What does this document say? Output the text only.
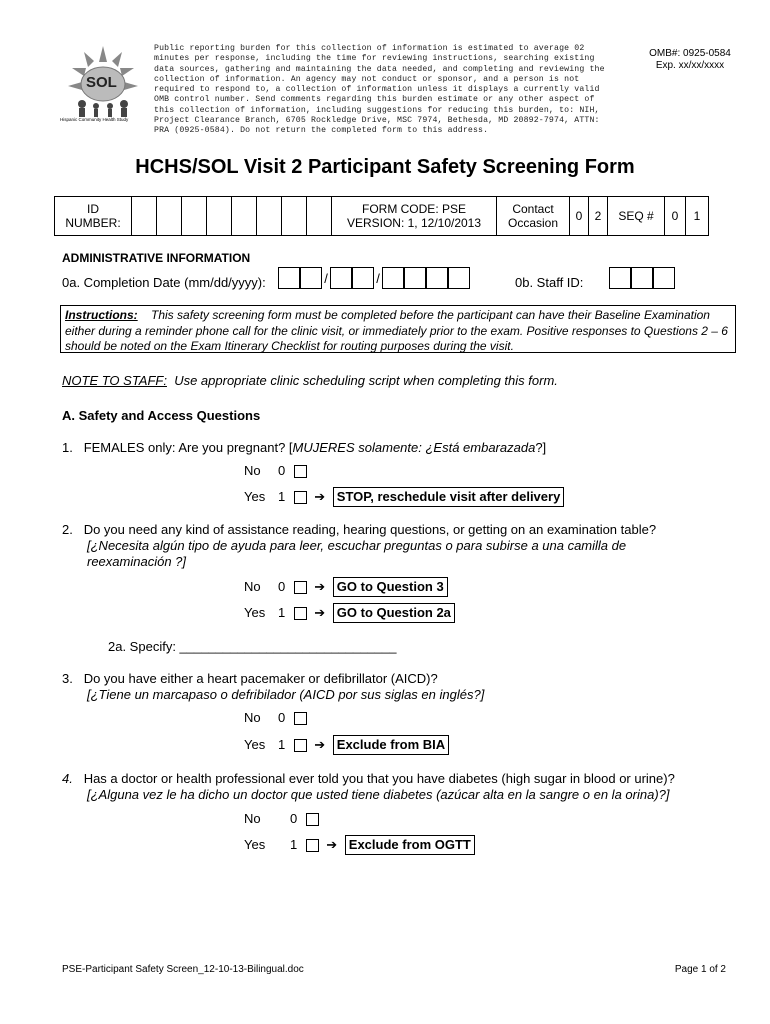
SOL
Hispanic Community Health Study

Public reporting burden for this collection of information is estimated to average 02
minutes per response, including the time for reviewing instructions, searching existing
data sources, gathering and maintaining the data needed, and completing and reviewing the
collection of information. An agency may not conduct or sponsor, and a person is not
required to respond to, a collection of information unless it displays a currently valid
OMB control number. Send comments regarding this burden estimate or any other aspect of
this collection of information, including suggestions for reducing this burden, to: NIH,
Project Clearance Branch, 6705 Rockledge Drive, MSC 7974, Bethesda, MD 20892-7974, ATTN:
PRA (0925-0584). Do not return the completed form to this address.

OMB#: 0925-0584
Exp. xx/xx/xxxx
HCHS/SOL Visit 2 Participant Safety Screening Form
ID
NUMBER:

FORM CODE: PSE
VERSION: 1, 12/10/2013

Contact
Occasion	0	2	SEQ #	0	1
ADMINISTRATIVE INFORMATION
0a. Completion Date (mm/dd/yyyy):	/	/	0b. Staff ID:
Instructions: This safety screening form must be completed before the participant can have their Baseline Examination either during a reminder phone call for the clinic visit, or immediately prior to the exam. Positive responses to Questions 2 – 6 should be noted on the Exam Itinerary Checklist for routing purposes during the visit.
NOTE TO STAFF: Use appropriate clinic scheduling script when completing this form.
A. Safety and Access Questions
1. FEMALES only: Are you pregnant? [MUJERES solamente: ¿Está embarazada?]
No 0
Yes 1 ➔ STOP, reschedule visit after delivery
2. Do you need any kind of assistance reading, hearing questions, or getting on an examination table?
[¿Necesita algún tipo de ayuda para leer, escuchar preguntas o para subirse a una camilla de reexaminación ?]
No 0 ➔ GO to Question 3
Yes 1 ➔ GO to Question 2a
2a. Specify: ______________________________
3. Do you have either a heart pacemaker or defibrillator (AICD)?
[¿Tiene un marcapaso o defribilador (AICD por sus siglas en inglés?]
No 0
Yes 1 ➔ Exclude from BIA
4. Has a doctor or health professional ever told you that you have diabetes (high sugar in blood or urine)?
[¿Alguna vez le ha dicho un doctor que usted tiene diabetes (azúcar alta en la sangre o en la orina)?]
No 0
Yes 1 ➔ Exclude from OGTT
PSE-Participant Safety Screen_12-10-13-Bilingual.doc	Page 1 of 2
